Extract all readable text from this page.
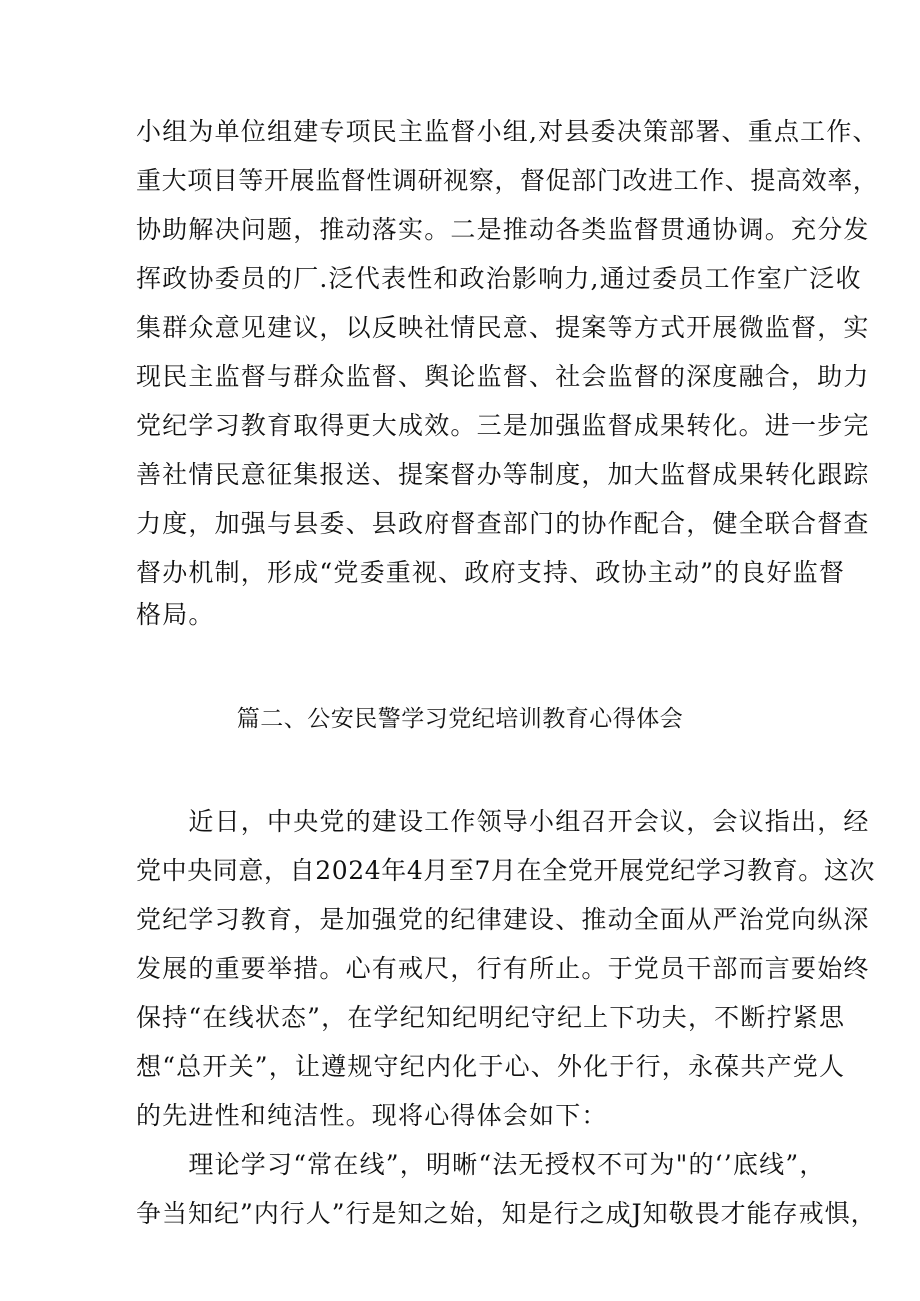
小组为单位组建专项民主监督小组,对县委决策部署、重点工作、
重大项目等开展监督性调研视察，督促部门改进工作、提高效率，
协助解决问题，推动落实。二是推动各类监督贯通协调。充分发
挥政协委员的厂.泛代表性和政治影响力,通过委员工作室广泛收
集群众意见建议，以反映社情民意、提案等方式开展微监督，实
现民主监督与群众监督、舆论监督、社会监督的深度融合，助力
党纪学习教育取得更大成效。三是加强监督成果转化。进一步完
善社情民意征集报送、提案督办等制度，加大监督成果转化跟踪
力度，加强与县委、县政府督查部门的协作配合，健全联合督查
督办机制，形成“党委重视、政府支持、政协主动”的良好监督
格局。
篇二、公安民警学习党纪培训教育心得体会
　　近日，中央党的建设工作领导小组召开会议，会议指出，经
党中央同意，自2024年4月至7月在全党开展党纪学习教育。这次
党纪学习教育，是加强党的纪律建设、推动全面从严治党向纵深
发展的重要举措。心有戒尺，行有所止。于党员干部而言要始终
保持“在线状态”，在学纪知纪明纪守纪上下功夫，不断拧紧思
想“总开关”，让遵规守纪内化于心、外化于行，永葆共产党人
的先进性和纯洁性。现将心得体会如下：
　　理论学习“常在线”，明晰“法无授权不可为"的‘’底线”，
争当知纪”内行人”行是知之始，知是行之成J知敬畏才能存戒惧，
